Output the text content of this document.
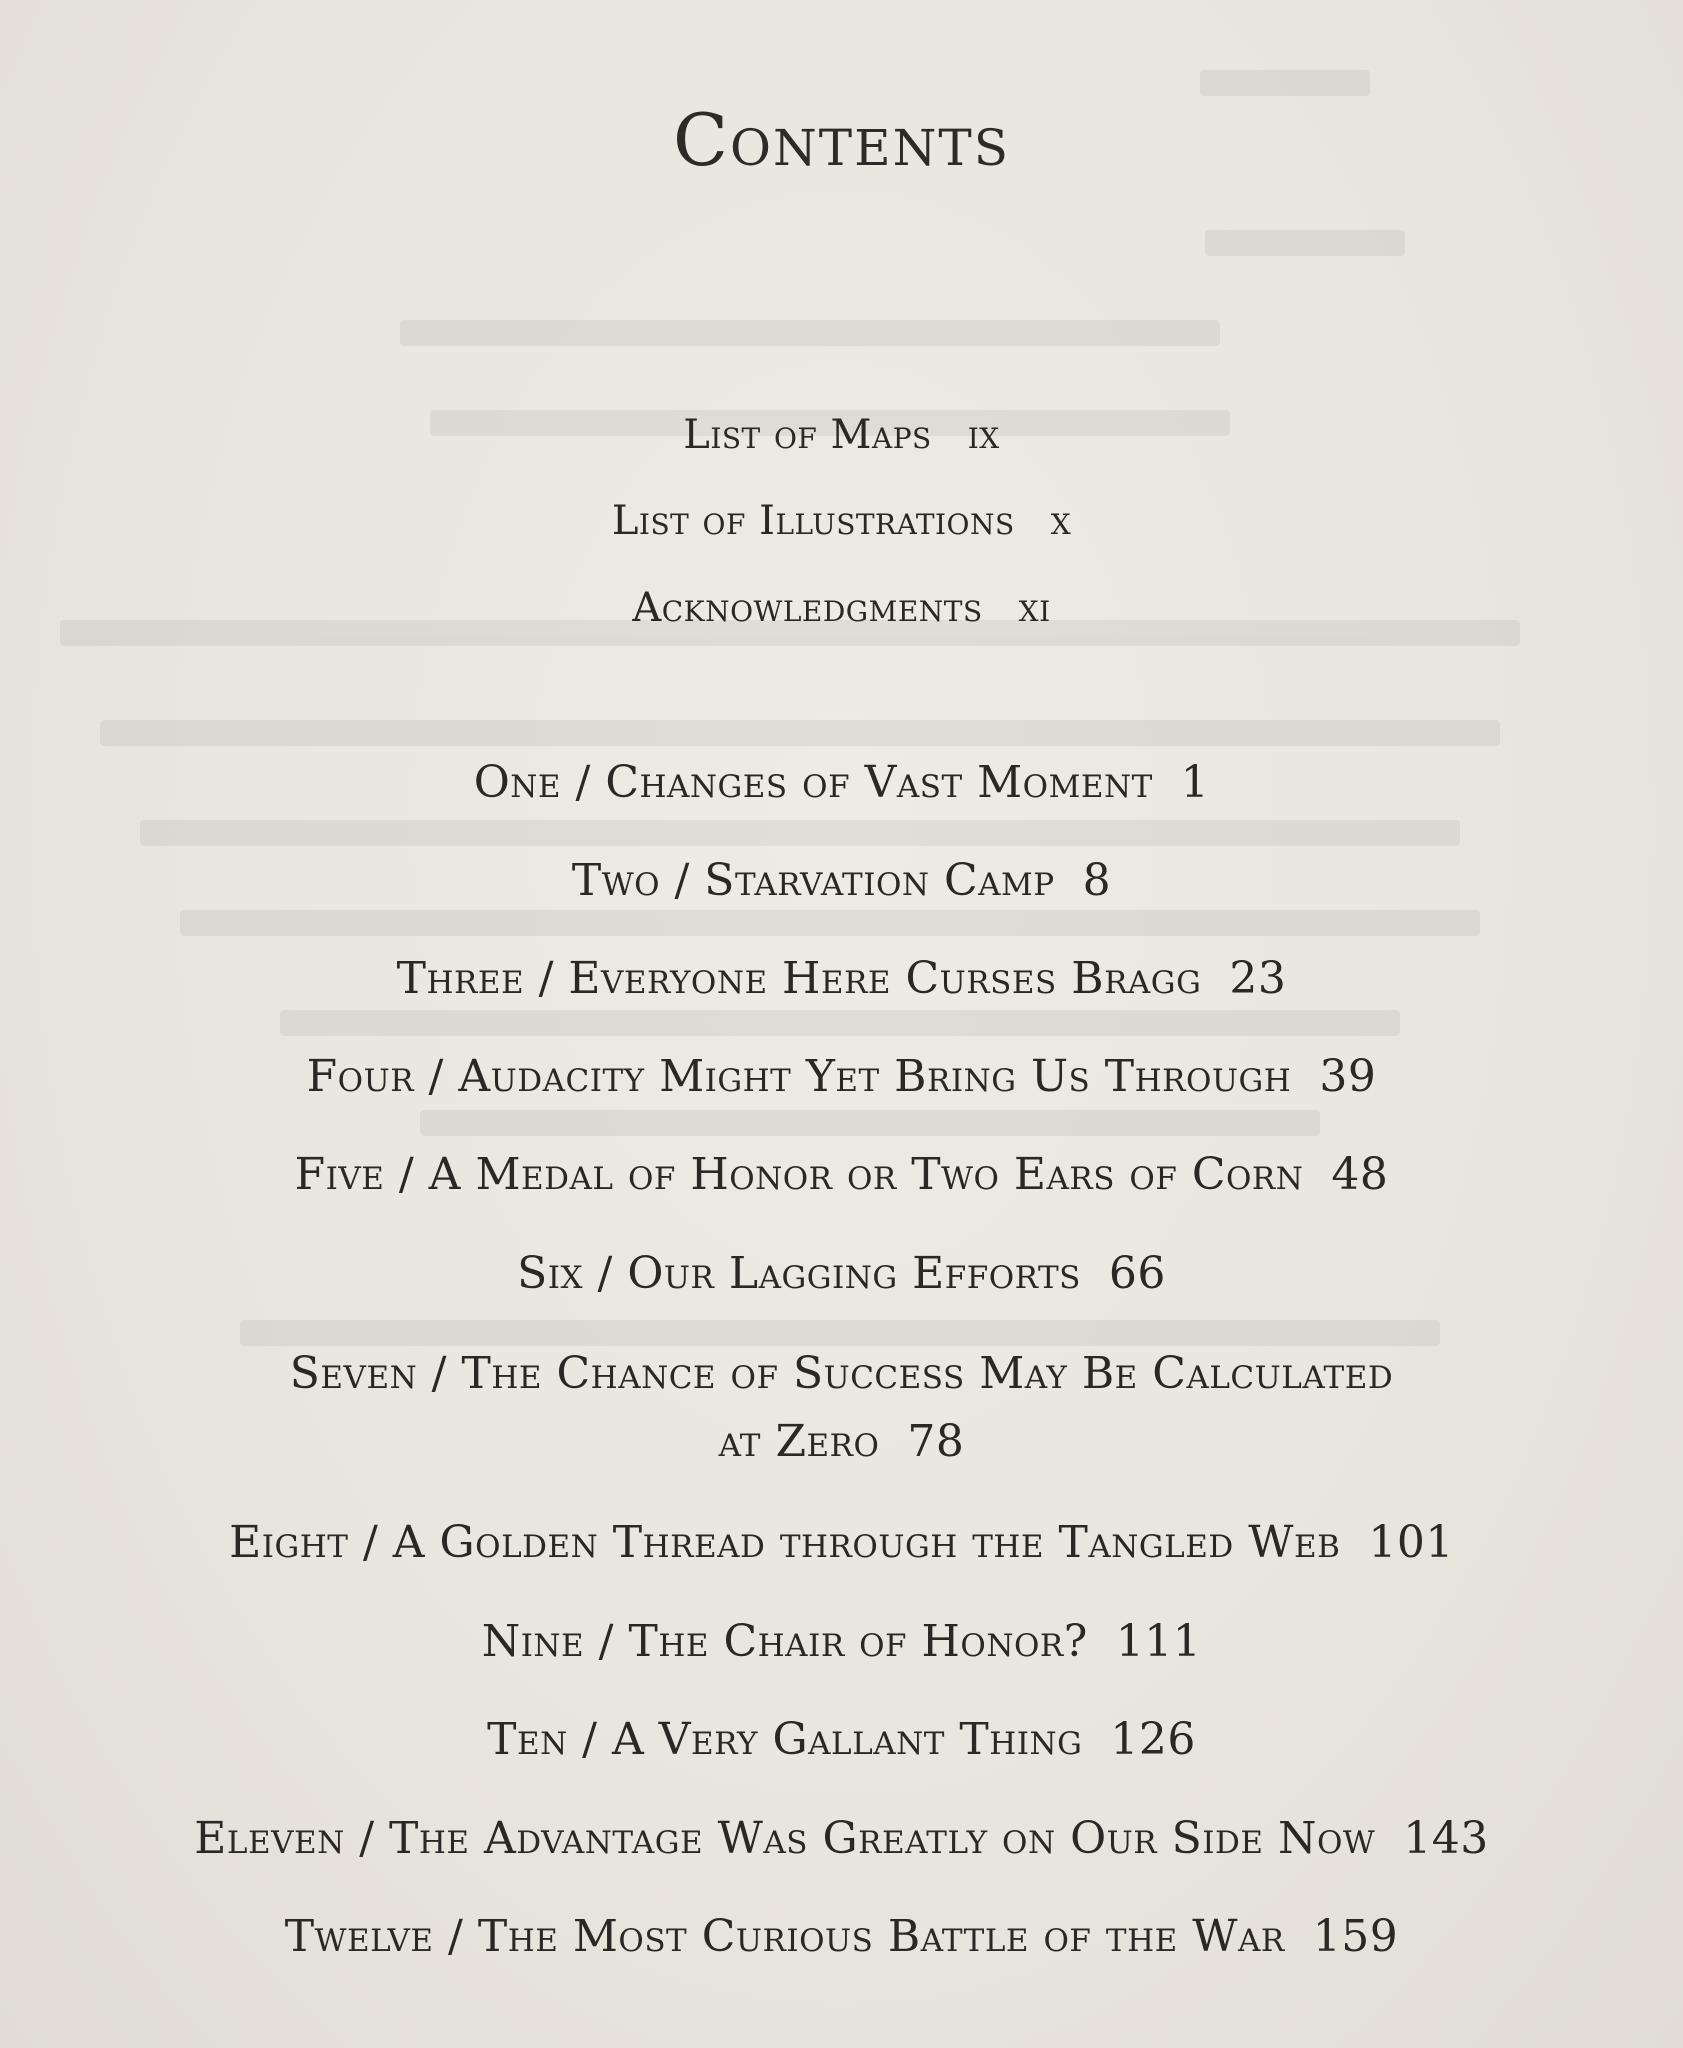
Contents
List of Maps ix
List of Illustrations x
Acknowledgments xi
One / Changes of Vast Moment 1
Two / Starvation Camp 8
Three / Everyone Here Curses Bragg 23
Four / Audacity Might Yet Bring Us Through 39
Five / A Medal of Honor or Two Ears of Corn 48
Six / Our Lagging Efforts 66
Seven / The Chance of Success May Be Calculated
at Zero 78
Eight / A Golden Thread through the Tangled Web 101
Nine / The Chair of Honor? 111
Ten / A Very Gallant Thing 126
Eleven / The Advantage Was Greatly on Our Side Now 143
Twelve / The Most Curious Battle of the War 159
